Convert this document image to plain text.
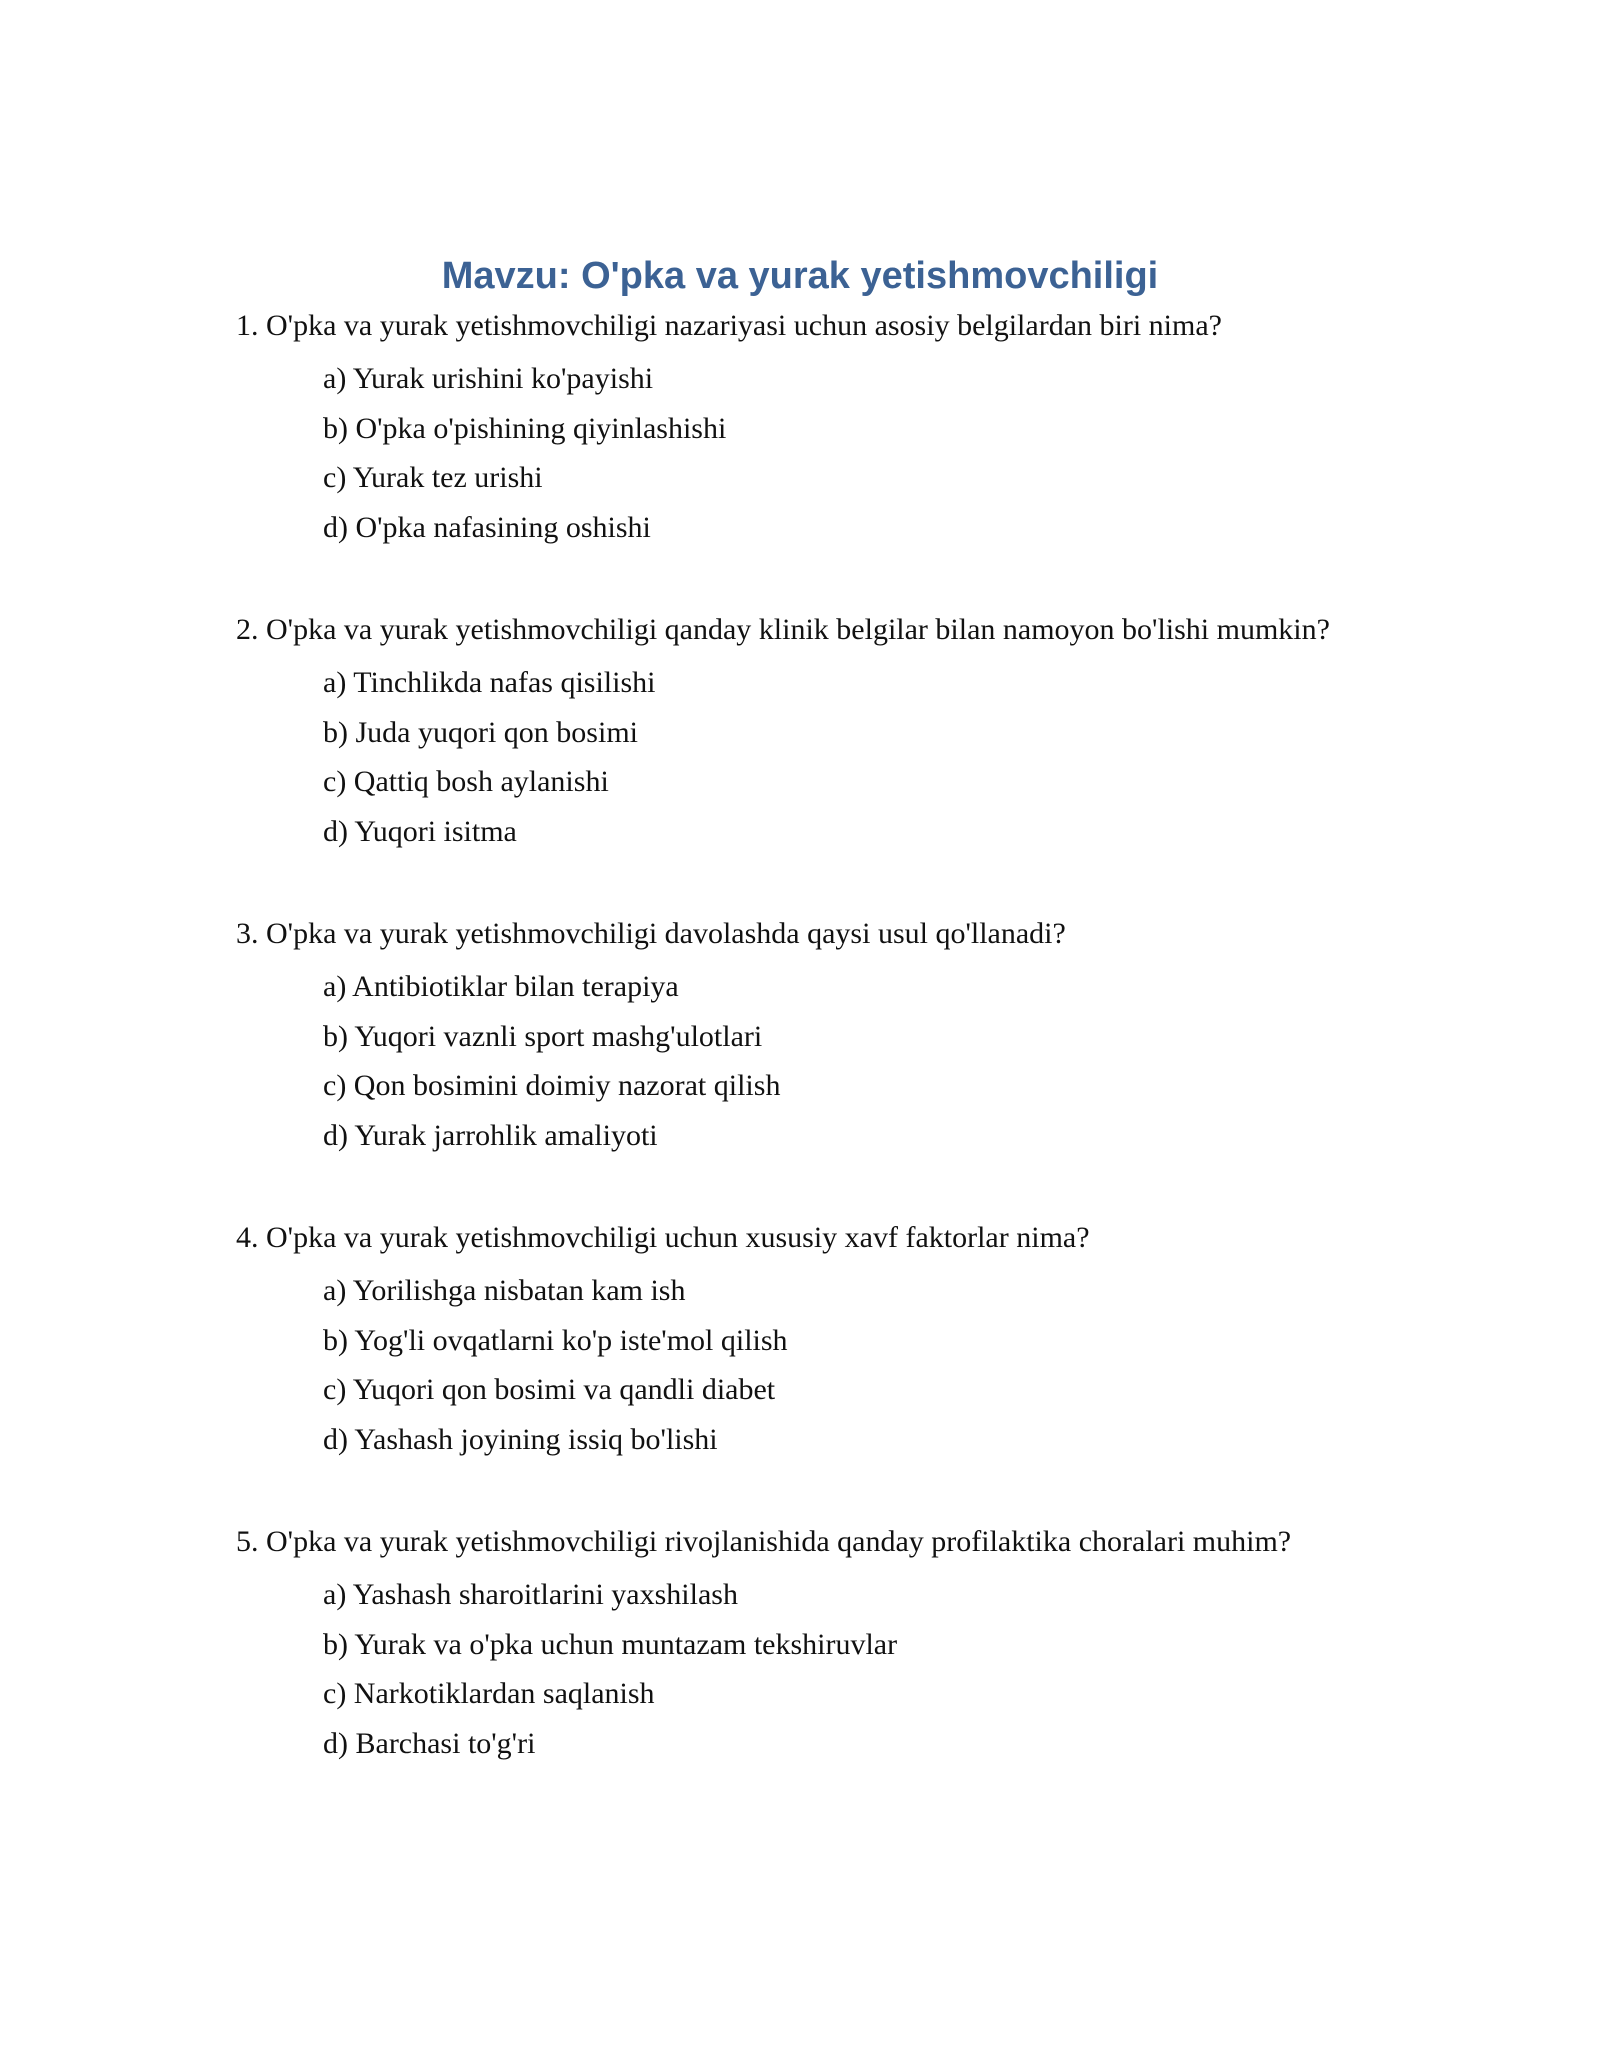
Mavzu: O'pka va yurak yetishmovchiligi

1. O'pka va yurak yetishmovchiligi nazariyasi uchun asosiy belgilardan biri nima?

a) Yurak urishini ko'payishi
b) O'pka o'pishining qiyinlashishi
c) Yurak tez urishi
d) O'pka nafasining oshishi

2. O'pka va yurak yetishmovchiligi qanday klinik belgilar bilan namoyon bo'lishi mumkin?

a) Tinchlikda nafas qisilishi
b) Juda yuqori qon bosimi
c) Qattiq bosh aylanishi
d) Yuqori isitma

3. O'pka va yurak yetishmovchiligi davolashda qaysi usul qo'llanadi?

a) Antibiotiklar bilan terapiya
b) Yuqori vaznli sport mashg'ulotlari
c) Qon bosimini doimiy nazorat qilish
d) Yurak jarrohlik amaliyoti

4. O'pka va yurak yetishmovchiligi uchun xususiy xavf faktorlar nima?

a) Yorilishga nisbatan kam ish
b) Yog'li ovqatlarni ko'p iste'mol qilish
c) Yuqori qon bosimi va qandli diabet
d) Yashash joyining issiq bo'lishi

5. O'pka va yurak yetishmovchiligi rivojlanishida qanday profilaktika choralari muhim?

a) Yashash sharoitlarini yaxshilash
b) Yurak va o'pka uchun muntazam tekshiruvlar
c) Narkotiklardan saqlanish
d) Barchasi to'g'ri
